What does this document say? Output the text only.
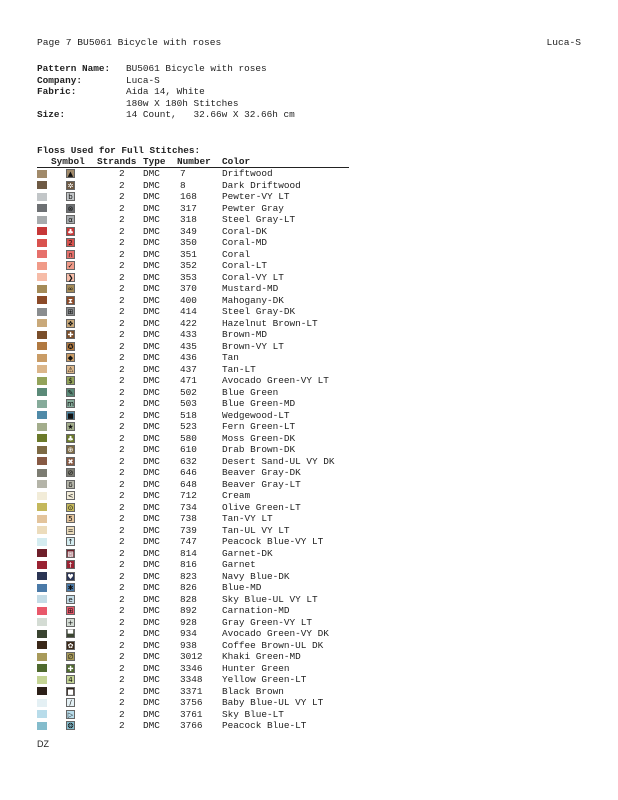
Page 7 BU5061 Bicycle with roses	Luca-S
Pattern Name:	BU5061 Bicycle with roses
Company:	Luca-S
Fabric:	Aida 14, White
180w X 180h Stitches
Size:	14 Count,   32.66w X 32.66h cm
Floss Used for Full Stitches:
Symbol Strands Type Number Color
▲	2 DMC 7	Driftwood
✲	2 DMC 8	Dark Driftwood
b	2 DMC 168	Pewter-VY LT
⊗	2 DMC 317	Pewter Gray
α	2 DMC 318	Steel Gray-LT
♣	2 DMC 349	Coral-DK
2	2 DMC 350	Coral-MD
∩	2 DMC 351	Coral
✓	2 DMC 352	Coral-LT
❯	2 DMC 353	Coral-VY LT
∞	2 DMC 370	Mustard-MD
⧗	2 DMC 400	Mahogany-DK
⊞	2 DMC 414	Steel Gray-DK
❖	2 DMC 422	Hazelnut Brown-LT
✚	2 DMC 433	Brown-MD
✪	2 DMC 435	Brown-VY LT
◆	2 DMC 436	Tan
⚠	2 DMC 437	Tan-LT
$	2 DMC 471	Avocado Green-VY LT
✎	2 DMC 502	Blue Green
m	2 DMC 503	Blue Green-MD
■	2 DMC 518	Wedgewood-LT
★	2 DMC 523	Fern Green-LT
♣	2 DMC 580	Moss Green-DK
⊕	2 DMC 610	Drab Brown-DK
✖	2 DMC 632	Desert Sand-UL VY DK
⊘	2 DMC 646	Beaver Gray-DK
δ	2 DMC 648	Beaver Gray-LT
<	2 DMC 712	Cream
⊙	2 DMC 734	Olive Green-LT
5	2 DMC 738	Tan-VY LT
=	2 DMC 739	Tan-UL VY LT
↑	2 DMC 747	Peacock Blue-VY LT
▩	2 DMC 814	Garnet-DK
†	2 DMC 816	Garnet
♥	2 DMC 823	Navy Blue-DK
✱	2 DMC 826	Blue-MD
e	2 DMC 828	Sky Blue-UL VY LT
⊞	2 DMC 892	Carnation-MD
+	2 DMC 928	Gray Green-VY LT
▀	2 DMC 934	Avocado Green-VY DK
✿	2 DMC 938	Coffee Brown-UL DK
∅	2 DMC 3012 Khaki Green-MD
✚	2 DMC 3346 Hunter Green
4	2 DMC 3348 Yellow Green-LT
■	2 DMC 3371 Black Brown
∕	2 DMC 3756 Baby Blue-UL VY LT
▷	2 DMC 3761 Sky Blue-LT
❂	2 DMC 3766 Peacock Blue-LT
DZ
